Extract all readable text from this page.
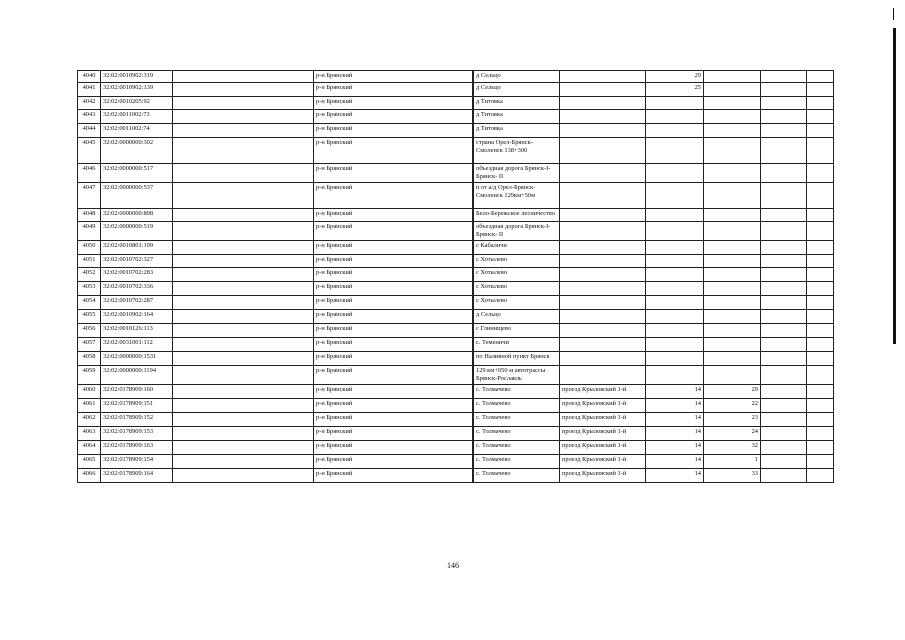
4040	32:02:0010902:319		р-н Брянский		д Сельцо		29			
4041	32:02:0010902:139		р-н Брянский		д Сельцо		25			
4042	32:02:0010205:92		р-н Брянский		д Титовка					
4043	32:02:0011002:73		р-н Брянский		д Титовка					
4044	32:02:0011002:74		р-н Брянский		д Титовка					
4045	32:02:0000000:302		р-н Брянский		страна Орел-Брянск-Смоленск 138+300					
4046	32:02:0000000:517		р-н Брянский		объездная дорога Брянск-I- Брянск- II					
4047	32:02:0000000:537		р-н Брянский		п от а/д Орел-Брянск-Смоленск 129км+50м					
4048	32:02:0000000:808		р-н Брянский		Бело-Бережское лесничество					
4049	32:02:0000000:519		р-н Брянский		объездная дорога Брянск-I- Брянск- II					
4050	32:02:0010801:199		р-н Брянский		с Кабаличи					
4051	32:02:0010702:327		р-н Брянский		с Хотылево					
4052	32:02:0010702:283		р-н Брянский		с Хотылево					
4053	32:02:0010702:336		р-н Брянский		с Хотылево					
4054	32:02:0010702:287		р-н Брянский		с Хотылево					
4055	32:02:0010902:164		р-н Брянский		д Сельцо					
4056	32:02:0010126:113		р-н Брянский		с Глинищево					
4057	32:02:0031001:112		р-н Брянский		с. Теменичи					
4058	32:02:0000000:1531		р-н Брянский		по Наливной пункт Брянск					
4059	32:02:0000000:1194		р-н Брянский		129 км+050 м автотрассы Брянск-Рославль					
4060	32:02:0178909:160		р-н Брянский		с. Толмачево	проезд Крыловский 1-й	14	29		
4061	32:02:0178909:151		р-н Брянский		с. Толмачево	проезд Крыловский 1-й	14	22		
4062	32:02:0178909:152		р-н Брянский		с. Толмачево	проезд Крыловский 1-й	14	23		
4063	32:02:0178909:153		р-н Брянский		с. Толмачево	проезд Крыловский 1-й	14	24		
4064	32:02:0178909:163		р-н Брянский		с. Толмачево	проезд Крыловский 1-й	14	32		
4065	32:02:0178909:154		р-н Брянский		с. Толмачево	проезд Крыловский 1-й	14	1		
4066	32:02:0178909:164		р-н Брянский		с. Толмачево	проезд Крыловский 1-й	14	33		
146
